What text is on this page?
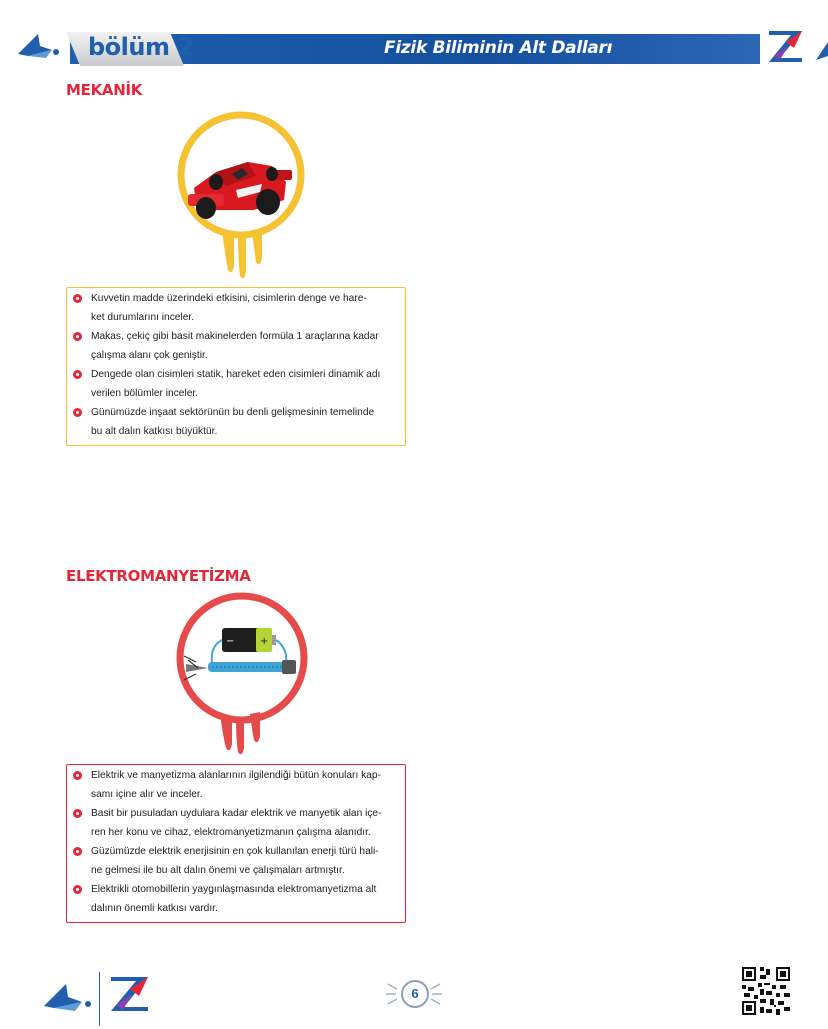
bölüm 2	Fizik Biliminin Alt Dalları
MEKANİK
Kuvvetin madde üzerindeki etkisini, cisimlerin denge ve hare-
ket durumlarını inceler.
Makas, çekiç gibi basit makinelerden formüla 1 araçlarına kadar
çalışma alanı çok geniştir.
Dengede olan cisimleri statik, hareket eden cisimleri dinamik adı
verilen bölümler inceler.
Günümüzde inşaat sektörünün bu denli gelişmesinin temelinde
bu alt dalın katkısı büyüktür.
ELEKTROMANYETİZMA
+
−
Elektrik ve manyetizma alanlarının ilgilendiği bütün konuları kap-
samı içine alır ve inceler.
Basit bir pusuladan uydulara kadar elektrik ve manyetik alan içe-
ren her konu ve cihaz, elektromanyetizmanın çalışma alanıdır.
Güzümüzde elektrik enerjisinin en çok kullanılan enerji türü hali-
ne gelmesi ile bu alt dalın önemi ve çalışmaları artmıştır.
Elektrikli otomobillerin yaygınlaşmasında elektromanyetizma alt
dalının önemli katkısı vardır.
6
